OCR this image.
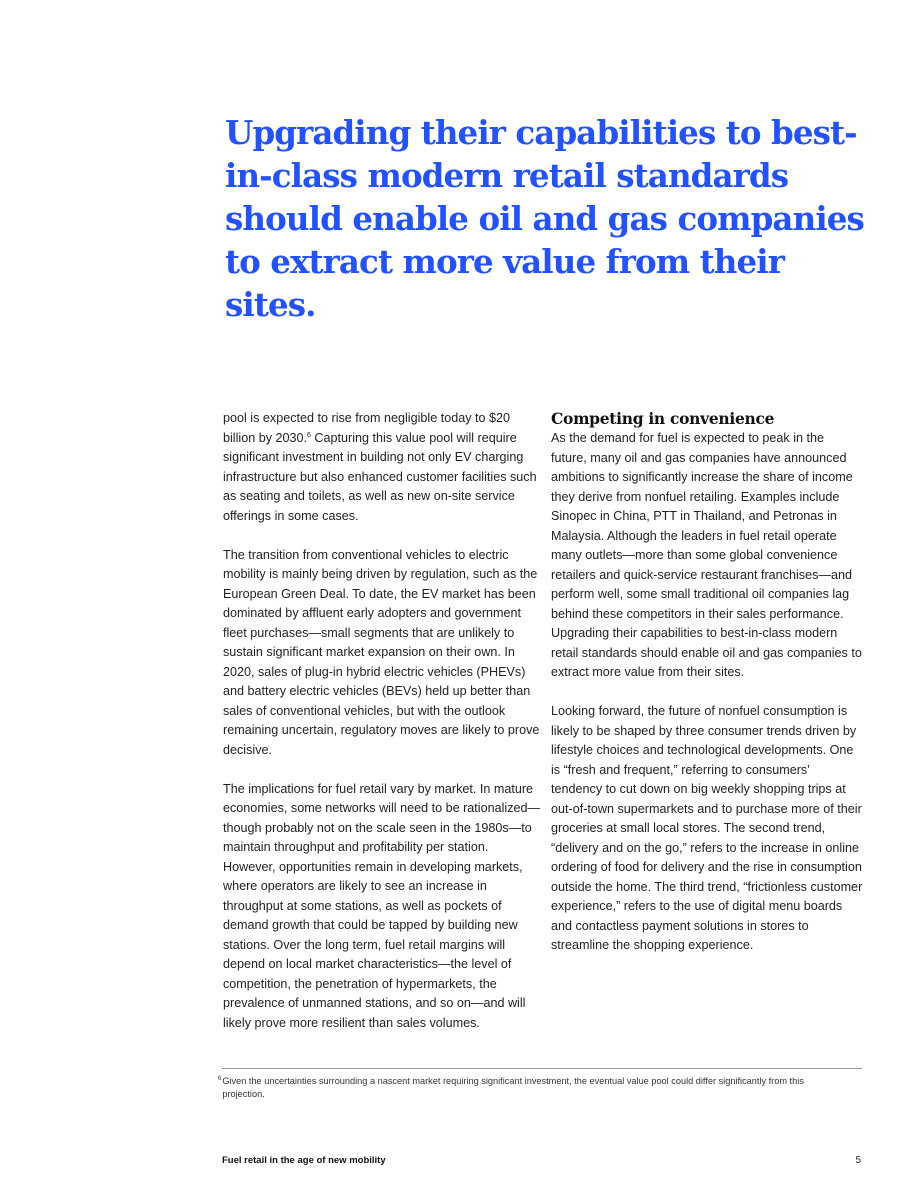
Upgrading their capabilities to best-in-class modern retail standards should enable oil and gas companies to extract more value from their sites.

pool is expected to rise from negligible today to $20 billion by 2030.$^6$ Capturing this value pool will require significant investment in building not only EV charging infrastructure but also enhanced customer facilities such as seating and toilets, as well as new on-site service offerings in some cases.

The transition from conventional vehicles to electric mobility is mainly being driven by regulation, such as the European Green Deal. To date, the EV market has been dominated by affluent early adopters and government fleet purchases—small segments that are unlikely to sustain significant market expansion on their own. In 2020, sales of plug-in hybrid electric vehicles (PHEVs) and battery electric vehicles (BEVs) held up better than sales of conventional vehicles, but with the outlook remaining uncertain, regulatory moves are likely to prove decisive.

The implications for fuel retail vary by market. In mature economies, some networks will need to be rationalized—though probably not on the scale seen in the 1980s—to maintain throughput and profitability per station. However, opportunities remain in developing markets, where operators are likely to see an increase in throughput at some stations, as well as pockets of demand growth that could be tapped by building new stations. Over the long term, fuel retail margins will depend on local market characteristics—the level of competition, the penetration of hypermarkets, the prevalence of unmanned stations, and so on—and will likely prove more resilient than sales volumes.

Competing in convenience

As the demand for fuel is expected to peak in the future, many oil and gas companies have announced ambitions to significantly increase the share of income they derive from nonfuel retailing. Examples include Sinopec in China, PTT in Thailand, and Petronas in Malaysia. Although the leaders in fuel retail operate many outlets—more than some global convenience retailers and quick-service restaurant franchises—and perform well, some small traditional oil companies lag behind these competitors in their sales performance. Upgrading their capabilities to best-in-class modern retail standards should enable oil and gas companies to extract more value from their sites.

Looking forward, the future of nonfuel consumption is likely to be shaped by three consumer trends driven by lifestyle choices and technological developments. One is “fresh and frequent,” referring to consumers’ tendency to cut down on big weekly shopping trips at out-of-town supermarkets and to purchase more of their groceries at small local stores. The second trend, “delivery and on the go,” refers to the increase in online ordering of food for delivery and the rise in consumption outside the home. The third trend, “frictionless customer experience,” refers to the use of digital menu boards and contactless payment solutions in stores to streamline the shopping experience.

$^6$Given the uncertainties surrounding a nascent market requiring significant investment, the eventual value pool could differ significantly from this projection.
Fuel retail in the age of new mobility	5
